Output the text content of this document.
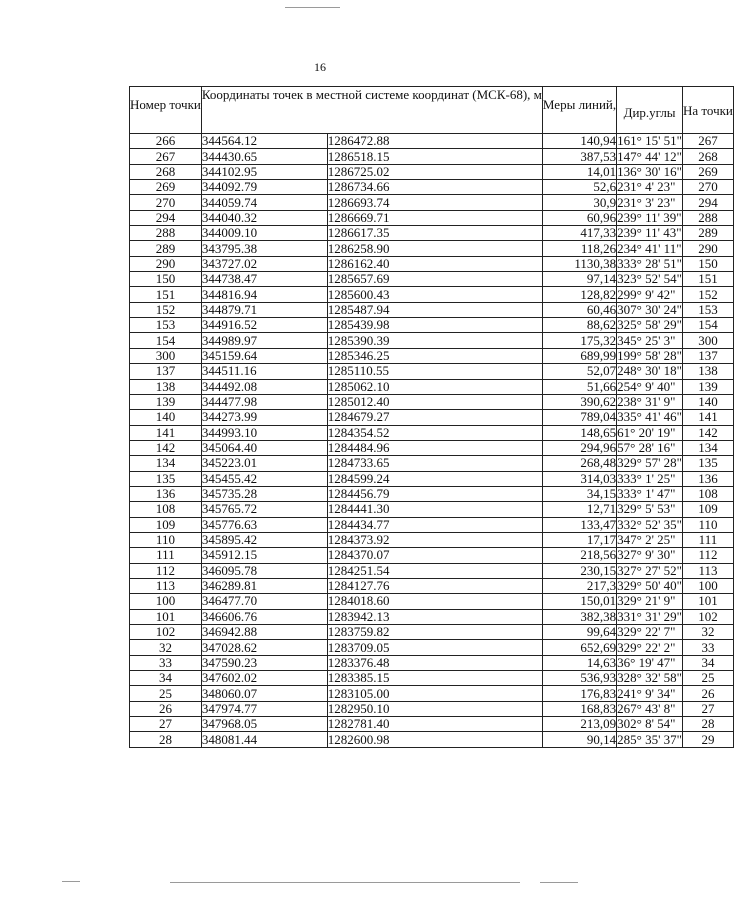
16
Номер точки	Координаты точек в местной системе координат (МСК-68), м		Меры линий,	Дир.углы	На точки

266	344564.12	1286472.88	140,94	161° 15' 51"	267
267	344430.65	1286518.15	387,53	147° 44' 12"	268
268	344102.95	1286725.02	14,01	136° 30' 16"	269
269	344092.79	1286734.66	52,6	231° 4' 23"	270
270	344059.74	1286693.74	30,9	231° 3' 23"	294
294	344040.32	1286669.71	60,96	239° 11' 39"	288
288	344009.10	1286617.35	417,33	239° 11' 43"	289
289	343795.38	1286258.90	118,26	234° 41' 11"	290
290	343727.02	1286162.40	1130,38	333° 28' 51"	150
150	344738.47	1285657.69	97,14	323° 52' 54"	151
151	344816.94	1285600.43	128,82	299° 9' 42"	152
152	344879.71	1285487.94	60,46	307° 30' 24"	153
153	344916.52	1285439.98	88,62	325° 58' 29"	154
154	344989.97	1285390.39	175,32	345° 25' 3"	300
300	345159.64	1285346.25	689,99	199° 58' 28"	137
137	344511.16	1285110.55	52,07	248° 30' 18"	138
138	344492.08	1285062.10	51,66	254° 9' 40"	139
139	344477.98	1285012.40	390,62	238° 31' 9"	140
140	344273.99	1284679.27	789,04	335° 41' 46"	141
141	344993.10	1284354.52	148,65	61° 20' 19"	142
142	345064.40	1284484.96	294,96	57° 28' 16"	134
134	345223.01	1284733.65	268,48	329° 57' 28"	135
135	345455.42	1284599.24	314,03	333° 1' 25"	136
136	345735.28	1284456.79	34,15	333° 1' 47"	108
108	345765.72	1284441.30	12,71	329° 5' 53"	109
109	345776.63	1284434.77	133,47	332° 52' 35"	110
110	345895.42	1284373.92	17,17	347° 2' 25"	111
111	345912.15	1284370.07	218,56	327° 9' 30"	112
112	346095.78	1284251.54	230,15	327° 27' 52"	113
113	346289.81	1284127.76	217,3	329° 50' 40"	100
100	346477.70	1284018.60	150,01	329° 21' 9"	101
101	346606.76	1283942.13	382,38	331° 31' 29"	102
102	346942.88	1283759.82	99,64	329° 22' 7"	32
32	347028.62	1283709.05	652,69	329° 22' 2"	33
33	347590.23	1283376.48	14,63	36° 19' 47"	34
34	347602.02	1283385.15	536,93	328° 32' 58"	25
25	348060.07	1283105.00	176,83	241° 9' 34"	26
26	347974.77	1282950.10	168,83	267° 43' 8"	27
27	347968.05	1282781.40	213,09	302° 8' 54"	28
28	348081.44	1282600.98	90,14	285° 35' 37"	29
